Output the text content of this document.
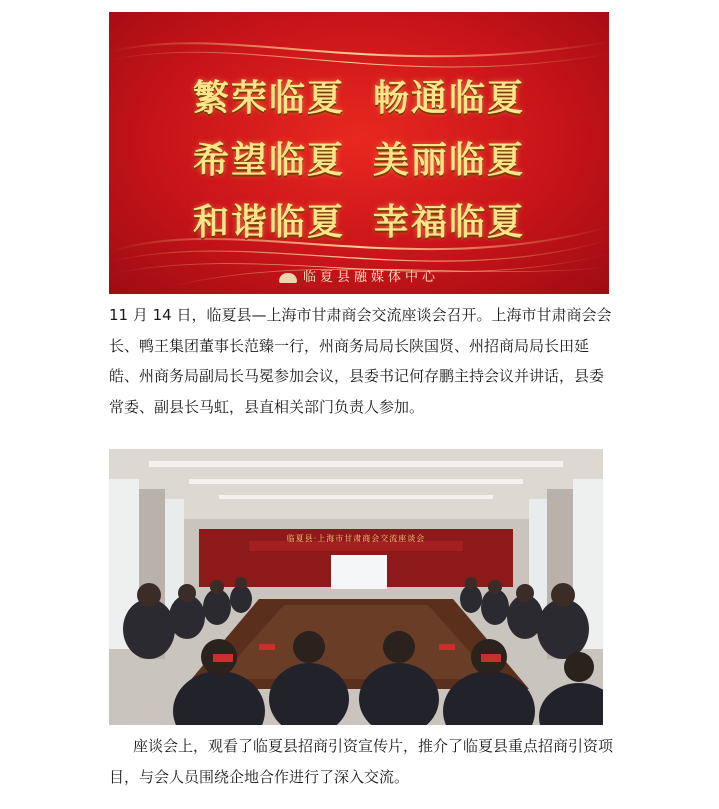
繁荣临夏 畅通临夏
希望临夏 美丽临夏
和谐临夏 幸福临夏
临夏县融媒体中心
11 月 14 日，临夏县—上海市甘肃商会交流座谈会召开。上海市甘肃商会会长、鸭王集团董事长范臻一行，州商务局局长陕国贤、州招商局局长田延皓、州商务局副局长马冕参加会议，县委书记何存鹏主持会议并讲话，县委常委、副县长马虹，县直相关部门负责人参加。
临夏县·上海市甘肃商会交流座谈会
座谈会上，观看了临夏县招商引资宣传片，推介了临夏县重点招商引资项目，与会人员围绕企地合作进行了深入交流。
